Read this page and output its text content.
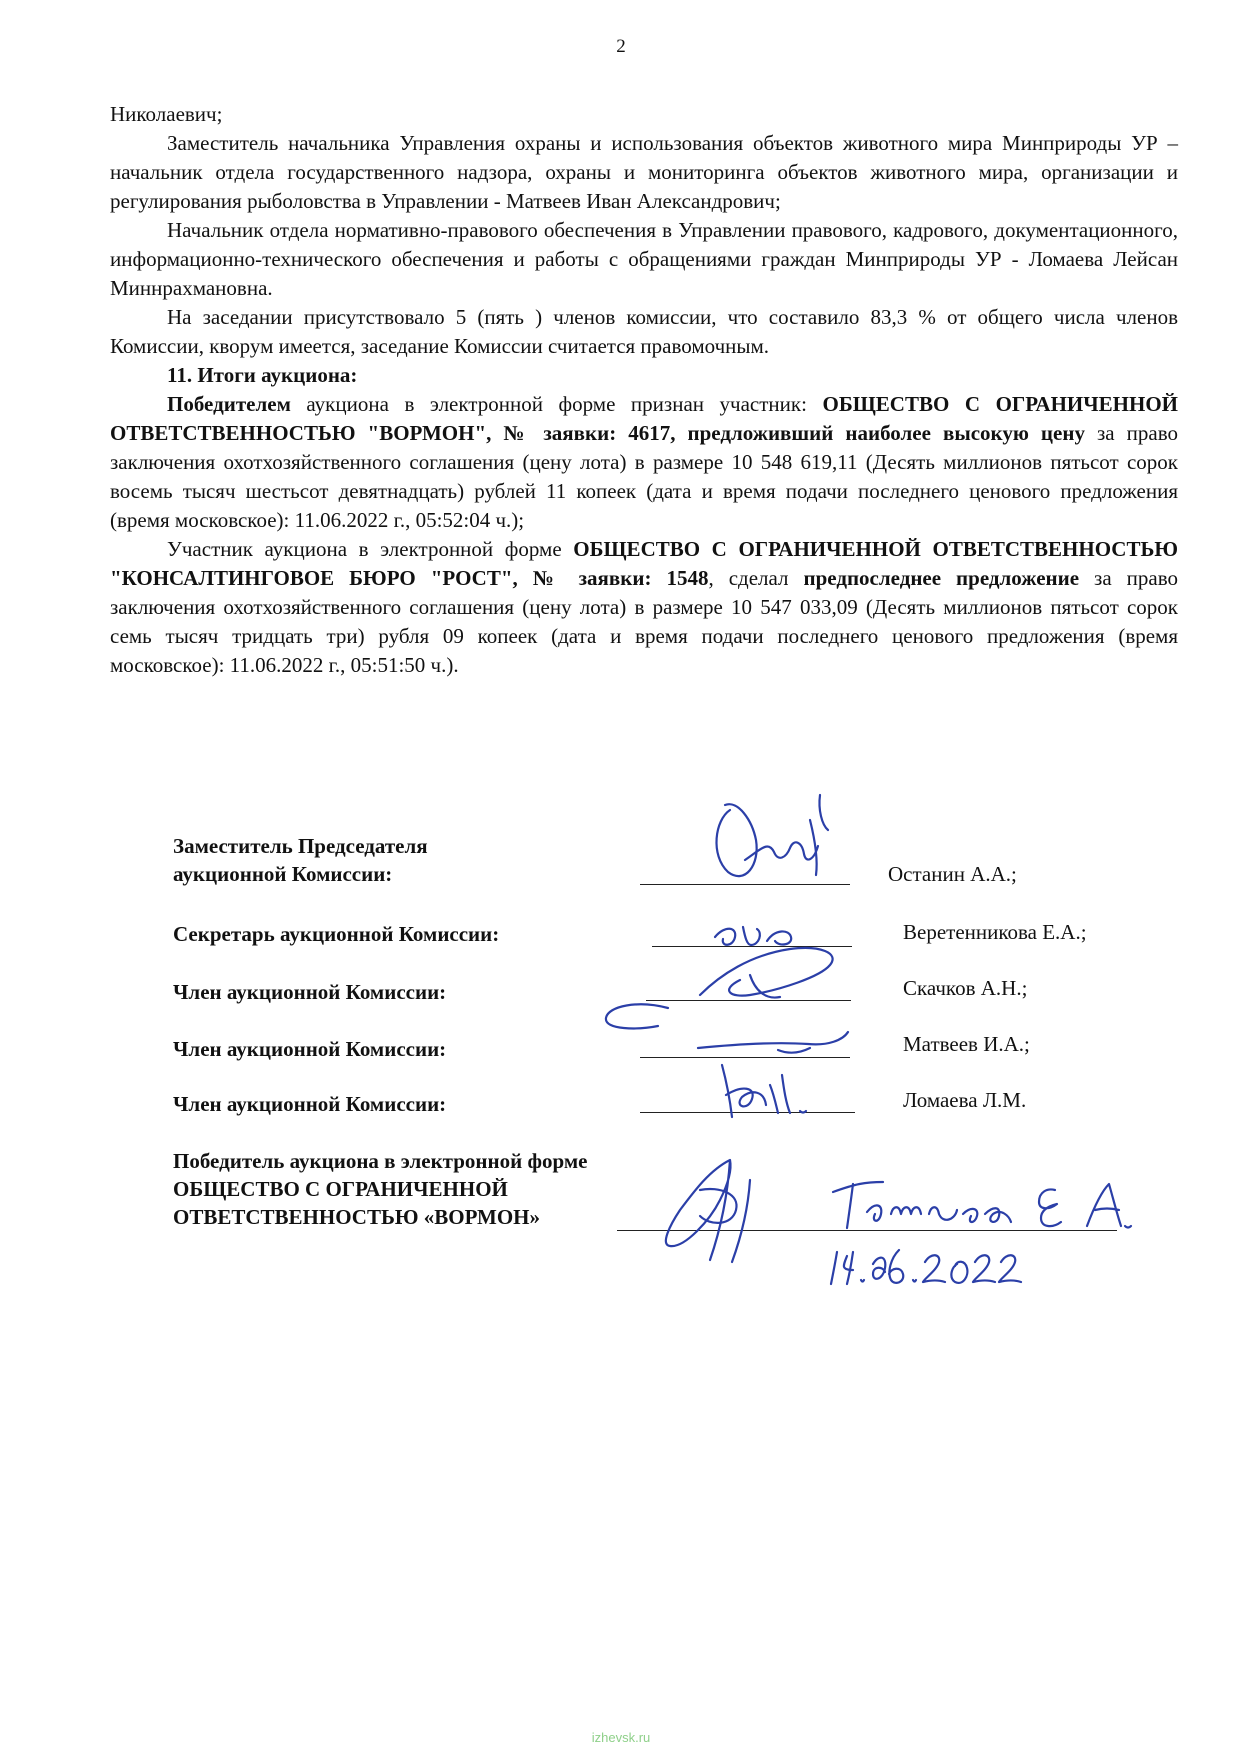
2

Николаевич;

Заместитель начальника Управления охраны и использования объектов животного мира Минприроды УР – начальник отдела государственного надзора, охраны и мониторинга объектов животного мира, организации и регулирования рыболовства в Управлении - Матвеев Иван Александрович;

Начальник отдела нормативно-правового обеспечения в Управлении правового, кадрового, документационного, информационно-технического обеспечения и работы с обращениями граждан Минприроды УР - Ломаева Лейсан Миннрахмановна.

На заседании присутствовало 5 (пять ) членов комиссии, что составило 83,3 % от общего числа членов Комиссии, кворум имеется, заседание Комиссии считается правомочным.

11. Итоги аукциона:

Победителем аукциона в электронной форме признан участник: ОБЩЕСТВО С ОГРАНИЧЕННОЙ ОТВЕТСТВЕННОСТЬЮ "ВОРМОН", № заявки: 4617, предложивший наиболее высокую цену за право заключения охотхозяйственного соглашения (цену лота) в размере 10 548 619,11 (Десять миллионов пятьсот сорок восемь тысяч шестьсот девятнадцать) рублей 11 копеек (дата и время подачи последнего ценового предложения (время московское): 11.06.2022 г., 05:52:04 ч.);

Участник аукциона в электронной форме ОБЩЕСТВО С ОГРАНИЧЕННОЙ ОТВЕТСТВЕННОСТЬЮ "КОНСАЛТИНГОВОЕ БЮРО "РОСТ", № заявки: 1548, сделал предпоследнее предложение за право заключения охотхозяйственного соглашения (цену лота) в размере 10 547 033,09 (Десять миллионов пятьсот сорок семь тысяч тридцать три) рубля 09 копеек (дата и время подачи последнего ценового предложения (время московское): 11.06.2022 г., 05:51:50 ч.).

Заместитель Председателя
аукционной Комиссии:	Останин А.А.;
Секретарь аукционной Комиссии:	Веретенникова Е.А.;
Член аукционной Комиссии:	Скачков А.Н.;
Член аукционной Комиссии:	Матвеев И.А.;
Член аукционной Комиссии:	Ломаева Л.М.
Победитель аукциона в электронной форме
ОБЩЕСТВО С ОГРАНИЧЕННОЙ
ОТВЕТСТВЕННОСТЬЮ «ВОРМОН»
izhevsk.ru
